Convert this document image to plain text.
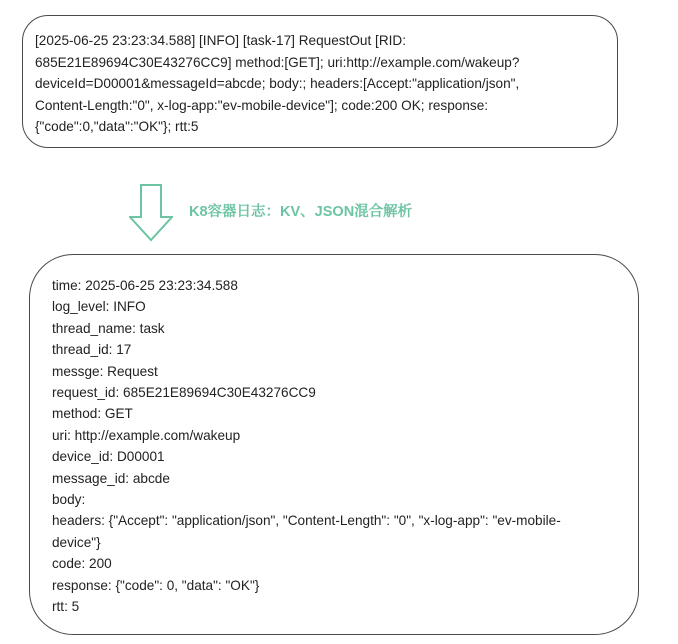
[2025-06-25 23:23:34.588] [INFO] [task-17] RequestOut [RID:
685E21E89694C30E43276CC9] method:[GET]; uri:http://example.com/wakeup?
deviceId=D00001&messageId=abcde; body:; headers:[Accept:"application/json",
Content-Length:"0", x-log-app:"ev-mobile-device"]; code:200 OK; response:
{"code":0,"data":"OK"}; rtt:5
K8容器日志：KV、JSON混合解析
time: 2025-06-25 23:23:34.588
log_level: INFO
thread_name: task
thread_id: 17
messge: Request
request_id: 685E21E89694C30E43276CC9
method: GET
uri: http://example.com/wakeup
device_id: D00001
message_id: abcde
body:
headers: {"Accept": "application/json", "Content-Length": "0", "x-log-app": "ev-mobile-
device"}
code: 200
response: {"code": 0, "data": "OK"}
rtt: 5
